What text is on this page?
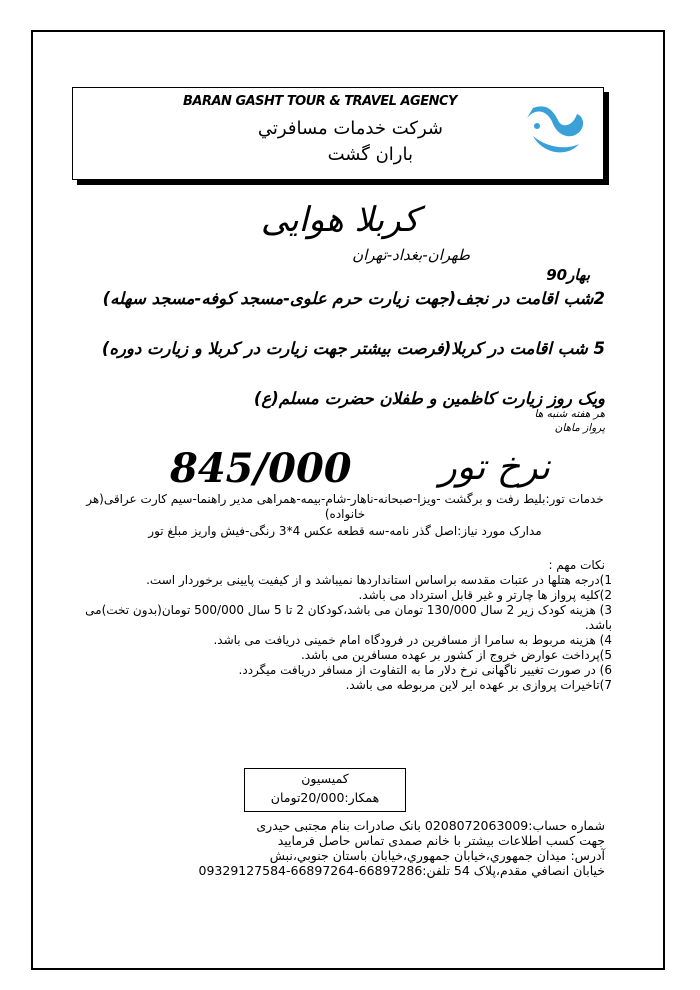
BARAN GASHT TOUR & TRAVEL AGENCY
شرکت خدمات مسافرتي
باران گشت
کربلا هوایی
طهران-بغداد-تهران
بهار90
2شب اقامت در نجف(جهت زیارت حرم علوی-مسجد کوفه-مسجد سهله)
5 شب اقامت در کربلا(فرصت بیشتر جهت زیارت در کربلا و زیارت دوره)
ویک روز زیارت کاظمین و طفلان حضرت مسلم(ع)
هر هفته شنبه ها
پرواز ماهان
845/000 نرخ تور
خدمات تور:بلیط رفت و برگشت -ویزا-صبحانه-ناهار-شام-بیمه-همراهی مدیر راهنما-سیم کارت عراقی(هر خانواده)
مدارک مورد نیاز:اصل گذر نامه-سه قطعه عکس 4*3 رنگی-فیش واریز مبلغ تور
نکات مهم :
1)درجه هتلها در عتبات مقدسه براساس استانداردها نمیباشد و از کیفیت پایینی برخوردار است.
2)کلیه پرواز ها چارتر و غیر قابل استرداد می باشد.
3) هزینه کودک زیر 2 سال 130/000 تومان می باشد،کودکان 2 تا 5 سال 500/000 تومان(بدون تخت)می باشد.
4) هزینه مربوط به سامرا از مسافرین در فرودگاه امام خمینی دریافت می باشد.
5)پرداخت عوارض خروج از کشور بر عهده مسافرین می باشد.
6) در صورت تغییر ناگهانی نرخ دلار ما به التفاوت از مسافر دریافت میگردد.
7)تاخیرات پروازی بر عهده ایر لاین مربوطه می باشد.
کمیسیون
همکار:20/000تومان
شماره حساب:0208072063009 بانک صادرات بنام مجتبی حیدری
جهت کسب اطلاعات بیشتر با خانم صمدی تماس حاصل فرمایید
آدرس: میدان جمهوري،خیابان جمهوري،خیابان باستان جنوبي،نبش
خیابان انصافي مقدم،پلاک 54 تلفن:66897286-66897264-09329127584
